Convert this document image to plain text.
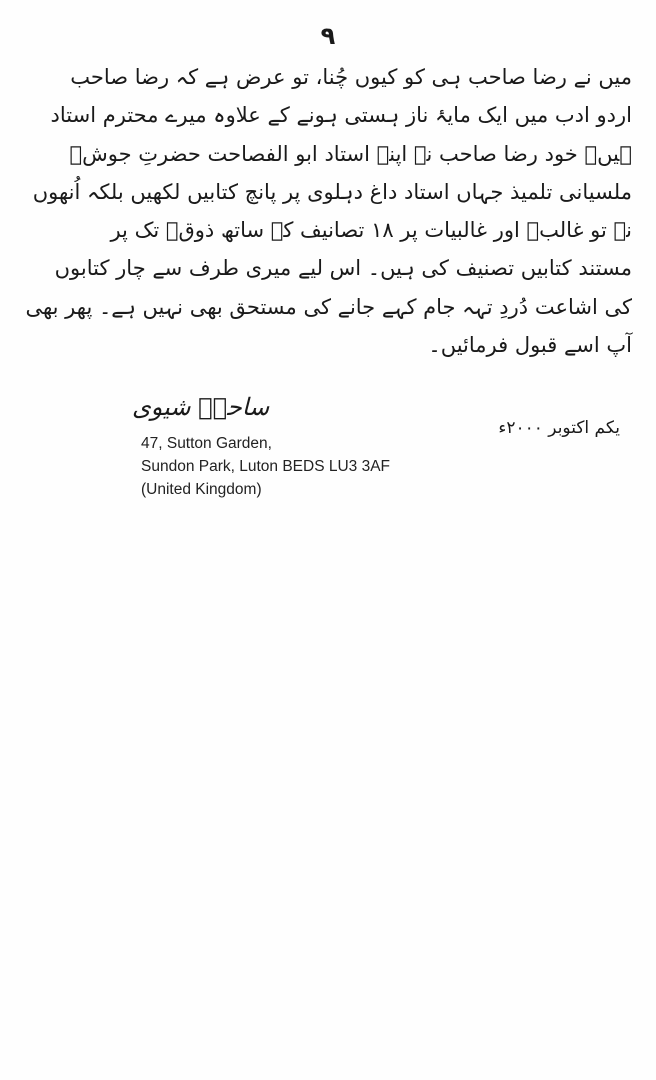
۹
میں نے رضا صاحب ہی کو کیوں چُنا، تو عرض ہے کہ رضا صاحب
اردو ادب میں ایک مایۂ ناز ہستی ہونے کے علاوہ میرے محترم استاد
ہیں۔ خود رضا صاحب نے اپنے استاد ابو الفصاحت حضرتِ جوشؔ
ملسیانی تلمیذ جہاں استاد داغ دہلوی پر پانچ کتابیں لکھیں بلکہ اُنھوں
نے تو غالبؔ اور غالبیات پر ۱۸ تصانیف کے ساتھ ذوقؔ تک پر
مستند کتابیں تصنیف کی ہیں۔ اس لیے میری طرف سے چار کتابوں
کی اشاعت دُردِ تہہ جام کہے جانے کی مستحق بھی نہیں ہے۔ پھر بھی
آپ اسے قبول فرمائیں۔
ساحرؔ شیوی
یکم اکتوبر ۲۰۰۰ء
47, Sutton Garden,
Sundon Park, Luton BEDS LU3 3AF
(United Kingdom)
